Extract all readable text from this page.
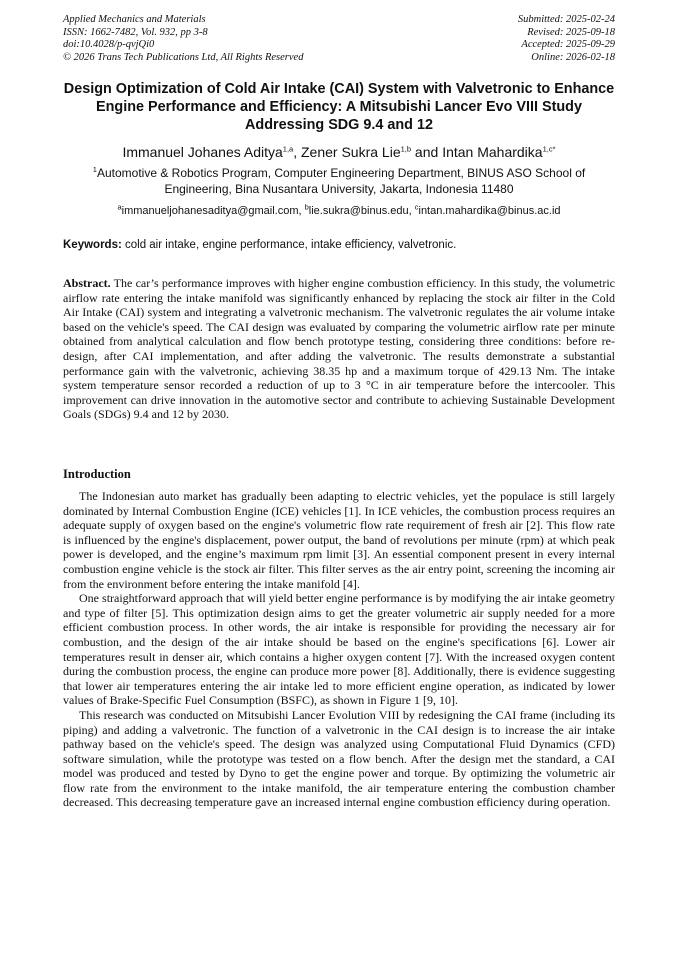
Applied Mechanics and Materials
ISSN: 1662-7482, Vol. 932, pp 3-8
doi:10.4028/p-qvjQi0
© 2026 Trans Tech Publications Ltd, All Rights Reserved
Submitted: 2025-02-24
Revised: 2025-09-18
Accepted: 2025-09-29
Online: 2026-02-18
Design Optimization of Cold Air Intake (CAI) System with Valvetronic to Enhance Engine Performance and Efficiency: A Mitsubishi Lancer Evo VIII Study Addressing SDG 9.4 and 12
Immanuel Johanes Aditya$^{1,a}$, Zener Sukra Lie$^{1,b}$ and Intan Mahardika$^{1,c*}$
$^1$Automotive & Robotics Program, Computer Engineering Department, BINUS ASO School of Engineering, Bina Nusantara University, Jakarta, Indonesia 11480
$^a$immanueljohanesaditya@gmail.com, $^b$lie.sukra@binus.edu, $^c$intan.mahardika@binus.ac.id
Keywords: cold air intake, engine performance, intake efficiency, valvetronic.
Abstract. The car’s performance improves with higher engine combustion efficiency. In this study, the volumetric airflow rate entering the intake manifold was significantly enhanced by replacing the stock air filter in the Cold Air Intake (CAI) system and integrating a valvetronic mechanism. The valvetronic regulates the air volume intake based on the vehicle's speed. The CAI design was evaluated by comparing the volumetric airflow rate per minute obtained from analytical calculation and flow bench prototype testing, considering three conditions: before re-design, after CAI implementation, and after adding the valvetronic. The results demonstrate a substantial performance gain with the valvetronic, achieving 38.35 hp and a maximum torque of 429.13 Nm. The intake system temperature sensor recorded a reduction of up to 3 °C in air temperature before the intercooler. This improvement can drive innovation in the automotive sector and contribute to achieving Sustainable Development Goals (SDGs) 9.4 and 12 by 2030.
Introduction

The Indonesian auto market has gradually been adapting to electric vehicles, yet the populace is still largely dominated by Internal Combustion Engine (ICE) vehicles [1]. In ICE vehicles, the combustion process requires an adequate supply of oxygen based on the engine's volumetric flow rate requirement of fresh air [2]. This flow rate is influenced by the engine's displacement, power output, the band of revolutions per minute (rpm) at which peak power is developed, and the engine’s maximum rpm limit [3]. An essential component present in every internal combustion engine vehicle is the stock air filter. This filter serves as the air entry point, screening the incoming air from the environment before entering the intake manifold [4].

One straightforward approach that will yield better engine performance is by modifying the air intake geometry and type of filter [5]. This optimization design aims to get the greater volumetric air supply needed for a more efficient combustion process. In other words, the air intake is responsible for providing the necessary air for combustion, and the design of the air intake should be based on the engine's specifications [6]. Lower air temperatures result in denser air, which contains a higher oxygen content [7]. With the increased oxygen content during the combustion process, the engine can produce more power [8]. Additionally, there is evidence suggesting that lower air temperatures entering the air intake led to more efficient engine operation, as indicated by lower values of Brake-Specific Fuel Consumption (BSFC), as shown in Figure 1 [9, 10].

This research was conducted on Mitsubishi Lancer Evolution VIII by redesigning the CAI frame (including its piping) and adding a valvetronic. The function of a valvetronic in the CAI design is to increase the air intake pathway based on the vehicle's speed. The design was analyzed using Computational Fluid Dynamics (CFD) software simulation, while the prototype was tested on a flow bench. After the design met the standard, a CAI model was produced and tested by Dyno to get the engine power and torque. By optimizing the volumetric air flow rate from the environment to the intake manifold, the air temperature entering the combustion chamber decreased. This decreasing temperature gave an increased internal engine combustion efficiency during operation.
